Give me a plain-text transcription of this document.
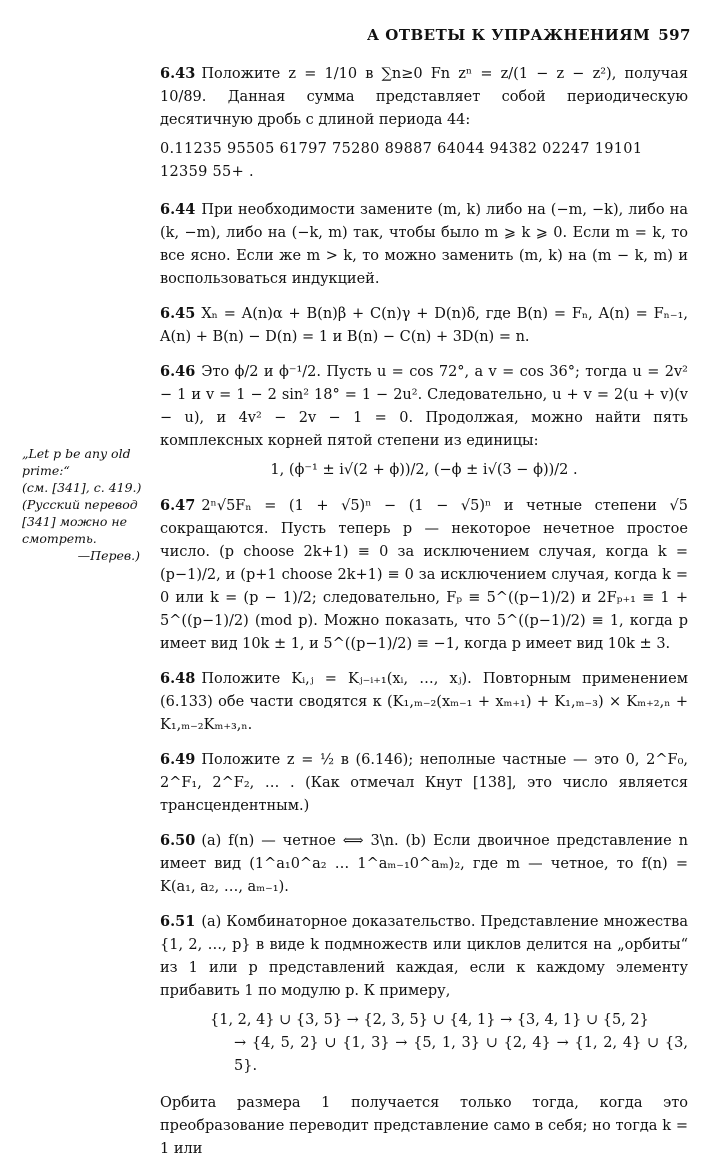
А ОТВЕТЫ К УПРАЖНЕНИЯМ 597
„Let p be any old prime:“
(см. [341], с. 419.)
(Русский перевод [341] можно не смотреть.
—Перев.)
6.43 Положите z = 1/10 в ∑n≥0 Fn zⁿ = z/(1 − z − z²), получая 10/89. Данная сумма представляет собой периодическую десятичную дробь с длиной периода 44:
0.11235 95505 61797 75280 89887 64044 94382 02247 19101 12359 55+ .
6.44 При необходимости замените (m, k) либо на (−m, −k), либо на (k, −m), либо на (−k, m) так, чтобы было m ⩾ k ⩾ 0. Если m = k, то все ясно. Если же m > k, то можно заменить (m, k) на (m − k, m) и воспользоваться индукцией.
6.45 Xₙ = A(n)α + B(n)β + C(n)γ + D(n)δ, где B(n) = Fₙ, A(n) = Fₙ₋₁, A(n) + B(n) − D(n) = 1 и B(n) − C(n) + 3D(n) = n.
6.46 Это ϕ/2 и ϕ⁻¹/2. Пусть u = cos 72°, а v = cos 36°; тогда u = 2v² − 1 и v = 1 − 2 sin² 18° = 1 − 2u². Следовательно, u + v = 2(u + v)(v − u), и 4v² − 2v − 1 = 0. Продолжая, можно найти пять комплексных корней пятой степени из единицы:
1, (ϕ⁻¹ ± i√(2 + ϕ))/2, (−ϕ ± i√(3 − ϕ))/2 .
6.47 2ⁿ√5Fₙ = (1 + √5)ⁿ − (1 − √5)ⁿ и четные степени √5 сокращаются. Пусть теперь p — некоторое нечетное простое число. (p choose 2k+1) ≡ 0 за исключением случая, когда k = (p−1)/2, и (p+1 choose 2k+1) ≡ 0 за исключением случая, когда k = 0 или k = (p − 1)/2; следовательно, Fₚ ≡ 5^((p−1)/2) и 2Fₚ₊₁ ≡ 1 + 5^((p−1)/2) (mod p). Можно показать, что 5^((p−1)/2) ≡ 1, когда p имеет вид 10k ± 1, и 5^((p−1)/2) ≡ −1, когда p имеет вид 10k ± 3.
6.48 Положите Kᵢ,ⱼ = Kⱼ₋ᵢ₊₁(xᵢ, …, xⱼ). Повторным применением (6.133) обе части сводятся к (K₁,ₘ₋₂(xₘ₋₁ + xₘ₊₁) + K₁,ₘ₋₃) × Kₘ₊₂,ₙ + K₁,ₘ₋₂Kₘ₊₃,ₙ.
6.49 Положите z = ½ в (6.146); неполные частные — это 0, 2^F₀, 2^F₁, 2^F₂, … . (Как отмечал Кнут [138], это число является трансцендентным.)
6.50 (a) f(n) — четное ⟺ 3\n. (b) Если двоичное представление n имеет вид (1^a₁0^a₂ … 1^aₘ₋₁0^aₘ)₂, где m — четное, то f(n) = K(a₁, a₂, …, aₘ₋₁).
6.51 (a) Комбинаторное доказательство. Представление множества {1, 2, …, p} в виде k подмножеств или циклов делится на „орбиты“ из 1 или p представлений каждая, если к каждому элементу прибавить 1 по модулю p. К примеру,
{1, 2, 4} ∪ {3, 5} → {2, 3, 5} ∪ {4, 1} → {3, 4, 1} ∪ {5, 2}
→ {4, 5, 2} ∪ {1, 3} → {5, 1, 3} ∪ {2, 4} → {1, 2, 4} ∪ {3, 5}.
Орбита размера 1 получается только тогда, когда это преобразование переводит представление само в себя; но тогда k = 1 или
